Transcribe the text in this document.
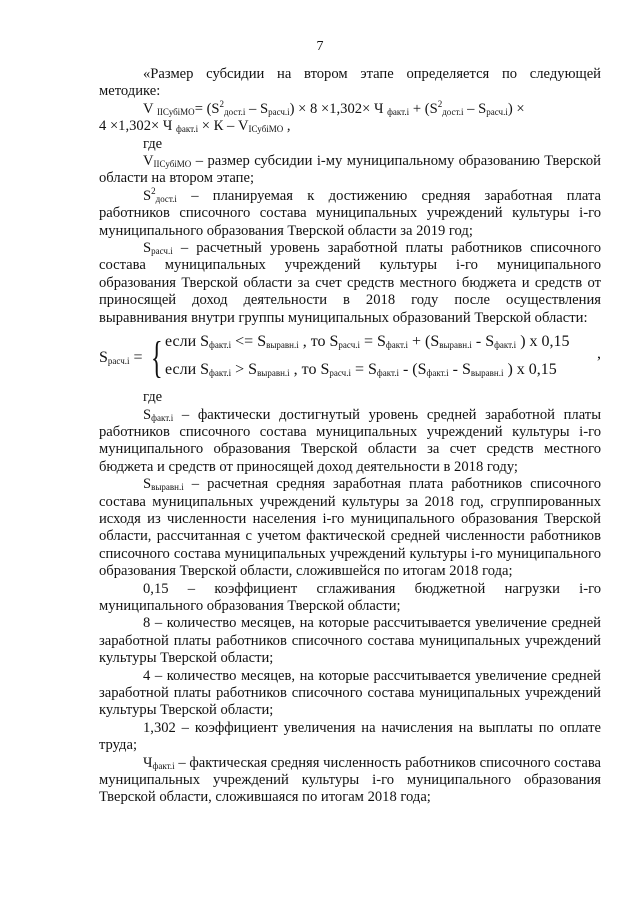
7

«Размер субсидии на втором этапе определяется по следующей методике:

V $_{IIСубiМО}= (S^2_{дост.i} - S_{расч.i}) \times 8 \times 1,302\times Ч$ $_{факт.i} + (S^2_{дост.i} - S_{расч.i})$ ×
4 ×1,302× Ч $_{факт.i} \times К - V_{IСубiМО}$ ,

где

$V_{IIСубiМО}$ – размер субсидии i-му муниципальному образованию Тверской области на втором этапе;

$S^2_{дост.i}$ – планируемая к достижению средняя заработная плата работников списочного состава муниципальных учреждений культуры i-го муниципального образования Тверской области за 2019 год;

$S_{расч.i}$ – расчетный уровень заработной платы работников списочного состава муниципальных учреждений культуры i-го муниципального образования Тверской области за счет средств местного бюджета и средств от приносящей доход деятельности в 2018 году после осуществления выравнивания внутри группы муниципальных образований Тверской области:

$S_{расч.i}$ = { если $S_{факт.i} <= S_{выравн.i}$ , то $S_{расч.i} = S_{факт.i} + (S_{выравн.i} - S_{факт.i}$ ) х 0,15
если $S_{факт.i} > S_{выравн.i}$ , то $S_{расч.i} = S_{факт.i} - (S_{факт.i} - S_{выравн.i}$ ) х 0,15
,

где

$S_{факт.i}$ – фактически достигнутый уровень средней заработной платы работников списочного состава муниципальных учреждений культуры i-го муниципального образования Тверской области за счет средств местного бюджета и средств от приносящей доход деятельности в 2018 году;

$S_{выравн.i}$ – расчетная средняя заработная плата работников списочного состава муниципальных учреждений культуры за 2018 год, сгруппированных исходя из численности населения i-го муниципального образования Тверской области, рассчитанная с учетом фактической средней численности работников списочного состава муниципальных учреждений культуры i-го муниципального образования Тверской области, сложившейся по итогам 2018 года;

0,15 – коэффициент сглаживания бюджетной нагрузки i-го муниципального образования Тверской области;

8 – количество месяцев, на которые рассчитывается увеличение средней заработной платы работников списочного состава муниципальных учреждений культуры Тверской области;

4 – количество месяцев, на которые рассчитывается увеличение средней заработной платы работников списочного состава муниципальных учреждений культуры Тверской области;

1,302 – коэффициент увеличения на начисления на выплаты по оплате труда;

$Ч_{факт.i}$ – фактическая средняя численность работников списочного состава муниципальных учреждений культуры i-го муниципального образования Тверской области, сложившаяся по итогам 2018 года;
